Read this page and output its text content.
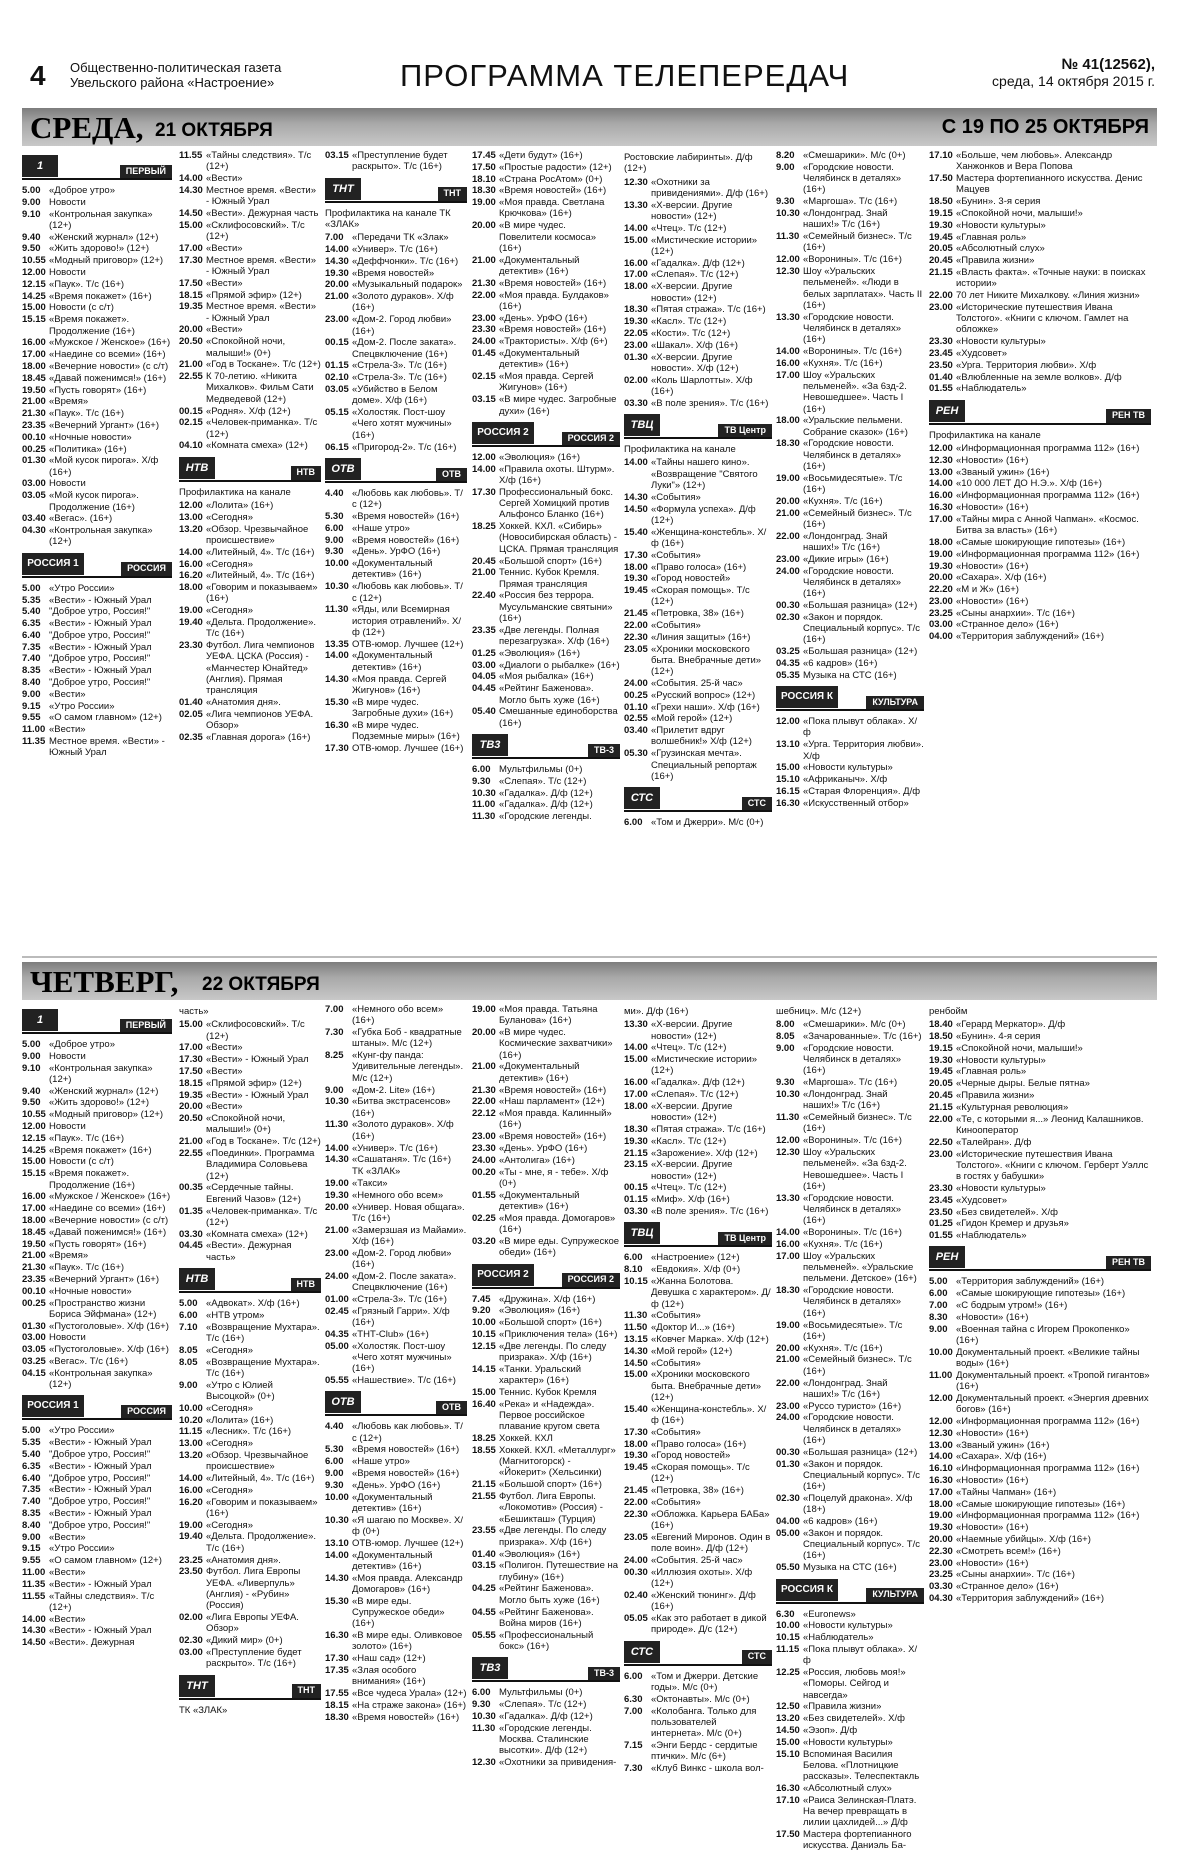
4 Общественно-политическая газета
Увельского района «Настроение»	ПРОГРАММА ТЕЛЕПЕРЕДАЧ	№ 41(12562),
среда, 14 октября 2015 г.
СРЕДА, 21 ОКТЯБРЯ	С 19 ПО 25 ОКТЯБРЯ
1	ПЕРВЫЙ
5.00 «Доброе утро»
9.00 Новости
9.10 «Контрольная закупка» (12+)
9.40 «Женский журнал» (12+)
9.50 «Жить здорово!» (12+)
10.55 «Модный приговор» (12+)
12.00 Новости
12.15 «Паук». Т/с (16+)
14.25 «Время покажет» (16+)
15.00 Новости (с с/т)
15.15 «Время покажет». Продолжение (16+)
16.00 «Мужское / Женское» (16+)
17.00 «Наедине со всеми» (16+)
18.00 «Вечерние новости» (с с/т)
18.45 «Давай поженимся!» (16+)
19.50 «Пусть говорят» (16+)
21.00 «Время»
21.30 «Паук». Т/с (16+)
23.35 «Вечерний Ургант» (16+)
00.10 «Ночные новости»
00.25 «Политика» (16+)
01.30 «Мой кусок пирога». Х/ф (16+)
03.00 Новости
03.05 «Мой кусок пирога». Продолжение (16+)
03.40 «Вегас». (16+)
04.30 «Контрольная закупка» (12+)
РОССИЯ 1	РОССИЯ
5.00 «Утро России»
5.35 «Вести» - Южный Урал
5.40 "Доброе утро, Россия!"
6.35 «Вести» - Южный Урал
6.40 "Доброе утро, Россия!"
7.35 «Вести» - Южный Урал
7.40 "Доброе утро, Россия!"
8.35 «Вести» - Южный Урал
8.40 "Доброе утро, Россия!"
9.00 «Вести»
9.15 «Утро России»
9.55 «О самом главном» (12+)
11.00 «Вести»
11.35 Местное время. «Вести» - Южный Урал
11.55 «Тайны следствия». Т/с (12+)
14.00 «Вести»
14.30 Местное время. «Вести» - Южный Урал
14.50 «Вести». Дежурная часть
15.00 «Склифосовский». Т/с (12+)
17.00 «Вести»
17.30 Местное время. «Вести» - Южный Урал
17.50 «Вести»
18.15 «Прямой эфир» (12+)
19.35 Местное время. «Вести» - Южный Урал
20.00 «Вести»
20.50 «Спокойной ночи, малыши!» (0+)
21.00 «Год в Тоскане». Т/с (12+)
22.55 К 70-летию. «Никита Михалков». Фильм Сати Медведевой (12+)
00.15 «Родня». Х/ф (12+)
02.15 «Человек-приманка». Т/с (12+)
04.10 «Комната смеха» (12+)
НТВ	НТВ
Профилактика на канале
12.00 «Лолита» (16+)
13.00 «Сегодня»
13.20 «Обзор. Чрезвычайное происшествие»
14.00 «Литейный, 4». Т/с (16+)
16.00 «Сегодня»
16.20 «Литейный, 4». Т/с (16+)
18.00 «Говорим и показываем» (16+)
19.00 «Сегодня»
19.40 «Дельта. Продолжение». Т/с (16+)
23.30 Футбол. Лига чемпионов УЕФА. ЦСКА (Россия) - «Манчестер Юнайтед» (Англия). Прямая трансляция
01.40 «Анатомия дня».
02.05 «Лига чемпионов УЕФА. Обзор»
02.35 «Главная дорога» (16+)
03.15 «Преступление будет раскрыто». Т/с (16+)
ТНТ	ТНТ
Профилактика на канале ТК «ЗЛАК»
7.00 «Передачи ТК «Злак»
14.00 «Универ». Т/с (16+)
14.30 «Деффчонки». Т/с (16+)
19.30 «Время новостей»
20.00 «Музыкальный подарок»
21.00 «Золото дураков». Х/ф (16+)
23.00 «Дом-2. Город любви» (16+)
00.15 «Дом-2. После заката». Спецвключение (16+)
01.15 «Стрела-3». Т/с (16+)
02.10 «Стрела-3». Т/с (16+)
03.05 «Убийство в Белом доме». Х/ф (16+)
05.15 «Холостяк. Пост-шоу «Чего хотят мужчины» (16+)
06.15 «Пригород-2». Т/с (16+)
ОТВ	ОТВ
4.40 «Любовь как любовь». Т/с (12+)
5.30 «Время новостей» (16+)
6.00 «Наше утро»
9.00 «Время новостей» (16+)
9.30 «День». УрФО (16+)
10.00 «Документальный детектив» (16+)
10.30 «Любовь как любовь». Т/с (12+)
11.30 «Яды, или Всемирная история отравлений». Х/ф (12+)
13.35 ОТВ-юмор. Лучшее (12+)
14.00 «Документальный детектив» (16+)
14.30 «Моя правда. Сергей Жигунов» (16+)
15.30 «В мире чудес. Загробные духи» (16+)
16.30 «В мире чудес. Подземные миры» (16+)
17.30 ОТВ-юмор. Лучшее (16+)
17.45 «Дети будут» (16+)
17.50 «Простые радости» (12+)
18.10 «Страна РосАтом» (0+)
18.30 «Время новостей» (16+)
19.00 «Моя правда. Светлана Крючкова» (16+)
20.00 «В мире чудес. Повелители космоса» (16+)
21.00 «Документальный детектив» (16+)
21.30 «Время новостей» (16+)
22.00 «Моя правда. Булдаков» (16+)
23.00 «День». УрФО (16+)
23.30 «Время новостей» (16+)
24.00 «Трактористы». Х/ф (6+)
01.45 «Документальный детектив» (16+)
02.15 «Моя правда. Сергей Жигунов» (16+)
03.15 «В мире чудес. Загробные духи» (16+)
РОССИЯ 2	РОССИЯ 2
12.00 «Эволюция» (16+)
14.00 «Правила охоты. Штурм». Х/ф (16+)
17.30 Профессиональный бокс. Сергей Хомицкий против Альфонсо Бланко (16+)
18.25 Хоккей. КХЛ. «Сибирь» (Новосибирская область) - ЦСКА. Прямая трансляция
20.45 «Большой спорт» (16+)
21.00 Теннис. Кубок Кремля. Прямая трансляция
22.40 «Россия без террора. Мусульманские святыни» (16+)
23.35 «Две легенды. Полная перезагрузка». Х/ф (16+)
01.25 «Эволюция» (16+)
03.00 «Диалоги о рыбалке» (16+)
04.05 «Моя рыбалка» (16+)
04.45 «Рейтинг Баженова». Могло быть хуже (16+)
05.40 Смешанные единоборства (16+)
ТВ3	ТВ-3
6.00 Мультфильмы (0+)
9.30 «Слепая». Т/с (12+)
10.30 «Гадалка». Д/ф (12+)
11.00 «Гадалка». Д/ф (12+)
11.30 «Городские легенды.
Ростовские лабиринты». Д/ф (12+)
12.30 «Охотники за привидениями». Д/ф (16+)
13.30 «Х-версии. Другие новости» (12+)
14.00 «Чтец». Т/с (12+)
15.00 «Мистические истории» (12+)
16.00 «Гадалка». Д/ф (12+)
17.00 «Слепая». Т/с (12+)
18.00 «Х-версии. Другие новости» (12+)
18.30 «Пятая стража». Т/с (16+)
19.30 «Касл». Т/с (12+)
22.05 «Кости». Т/с (12+)
23.00 «Шакал». Х/ф (16+)
01.30 «Х-версии. Другие новости». Х/ф (12+)
02.00 «Коль Шарлотты». Х/ф (16+)
03.30 «В поле зрения». Т/с (16+)
ТВЦ	ТВ Центр
Профилактика на канале
14.00 «Тайны нашего кино». «Возвращение "Святого Луки"» (12+)
14.30 «События»
14.50 «Формула успеха». Д/ф (12+)
15.40 «Женщина-констебль». Х/ф (16+)
17.30 «События»
18.00 «Право голоса» (16+)
19.30 «Город новостей»
19.45 «Скорая помощь». Т/с (12+)
21.45 «Петровка, 38» (16+)
22.00 «События»
22.30 «Линия защиты» (16+)
23.05 «Хроники московского быта. Внебрачные дети» (12+)
24.00 «События. 25-й час»
00.25 «Русский вопрос» (12+)
01.10 «Грехи наши». Х/ф (16+)
02.55 «Мой герой» (12+)
03.40 «Прилетит вдруг волшебник!» Х/ф (12+)
05.30 «Грузинская мечта». Специальный репортаж (16+)
СТС	СТС
6.00 «Том и Джерри». М/с (0+)
8.20 «Смешарики». М/с (0+)
9.00 «Городские новости. Челябинск в деталях» (16+)
9.30 «Маргоша». Т/с (16+)
10.30 «Лондонград. Знай наших!» Т/с (16+)
11.30 «Семейный бизнес». Т/с (16+)
12.00 «Воронины». Т/с (16+)
12.30 Шоу «Уральских пельменей». «Люди в белых зарплатах». Часть II (16+)
13.30 «Городские новости. Челябинск в деталях» (16+)
14.00 «Воронины». Т/с (16+)
16.00 «Кухня». Т/с (16+)
17.00 Шоу «Уральских пельменей». «За 6зд-2. Невошедшее». Часть I (16+)
18.00 «Уральские пельмени. Собрание сказок» (16+)
18.30 «Городские новости. Челябинск в деталях» (16+)
19.00 «Восьмидесятые». Т/с (16+)
20.00 «Кухня». Т/с (16+)
21.00 «Семейный бизнес». Т/с (16+)
22.00 «Лондонград. Знай наших!» Т/с (16+)
23.00 «Дикие игры» (16+)
24.00 «Городские новости. Челябинск в деталях» (16+)
00.30 «Большая разница» (12+)
02.30 «Закон и порядок. Специальный корпус». Т/с (16+)
03.25 «Большая разница» (12+)
04.35 «6 кадров» (16+)
05.35 Музыка на СТС (16+)
РОССИЯ К	КУЛЬТУРА
12.00 «Пока плывут облака». Х/ф
13.10 «Урга. Территория любви». Х/ф
15.00 «Новости культуры»
15.10 «Африканыч». Х/ф
16.15 «Старая Флоренция». Д/ф
16.30 «Искусственный отбор»
17.10 «Больше, чем любовь». Александр Ханжонков и Вера Попова
17.50 Мастера фортепианного искусства. Денис Мацуев
18.50 «Бунин». 3-я серия
19.15 «Спокойной ночи, малыши!»
19.30 «Новости культуры»
19.45 «Главная роль»
20.05 «Абсолютный слух»
20.45 «Правила жизни»
21.15 «Власть факта». «Точные науки: в поисках истории»
22.00 70 лет Никите Михалкову. «Линия жизни»
23.00 «Исторические путешествия Ивана Толстого». «Книги с ключом. Гамлет на обложке»
23.30 «Новости культуры»
23.45 «Худсовет»
23.50 «Урга. Территория любви». Х/ф
01.40 «Влюбленные на земле волков». Д/ф
01.55 «Наблюдатель»
РЕН	РЕН ТВ
Профилактика на канале
12.00 «Информационная программа 112» (16+)
12.30 «Новости» (16+)
13.00 «Званый ужин» (16+)
14.00 «10 000 ЛЕТ ДО Н.Э.». Х/ф (16+)
16.00 «Информационная программа 112» (16+)
16.30 «Новости» (16+)
17.00 «Тайны мира с Анной Чапман». «Космос. Битва за власть» (16+)
18.00 «Самые шокирующие гипотезы» (16+)
19.00 «Информационная программа 112» (16+)
19.30 «Новости» (16+)
20.00 «Сахара». Х/ф (16+)
22.20 «М и Ж» (16+)
23.00 «Новости» (16+)
23.25 «Сыны анархии». Т/с (16+)
03.00 «Странное дело» (16+)
04.00 «Территория заблуждений» (16+)
ЧЕТВЕРГ, 22 ОКТЯБРЯ
1	ПЕРВЫЙ
5.00 «Доброе утро»
9.00 Новости
9.10 «Контрольная закупка» (12+)
9.40 «Женский журнал» (12+)
9.50 «Жить здорово!» (12+)
10.55 «Модный приговор» (12+)
12.00 Новости
12.15 «Паук». Т/с (16+)
14.25 «Время покажет» (16+)
15.00 Новости (с с/т)
15.15 «Время покажет». Продолжение (16+)
16.00 «Мужское / Женское» (16+)
17.00 «Наедине со всеми» (16+)
18.00 «Вечерние новости» (с с/т)
18.45 «Давай поженимся!» (16+)
19.50 «Пусть говорят» (16+)
21.00 «Время»
21.30 «Паук». Т/с (16+)
23.35 «Вечерний Ургант» (16+)
00.10 «Ночные новости»
00.25 «Пространство жизни Бориса Эйфмана» (12+)
01.30 «Пустоголовые». Х/ф (16+)
03.00 Новости
03.05 «Пустоголовые». Х/ф (16+)
03.25 «Вегас». Т/с (16+)
04.15 «Контрольная закупка» (12+)
РОССИЯ 1	РОССИЯ
5.00 «Утро России»
5.35 «Вести» - Южный Урал
5.40 "Доброе утро, Россия!"
6.35 «Вести» - Южный Урал
6.40 "Доброе утро, Россия!"
7.35 «Вести» - Южный Урал
7.40 "Доброе утро, Россия!"
8.35 «Вести» - Южный Урал
8.40 "Доброе утро, Россия!"
9.00 «Вести»
9.15 «Утро России»
9.55 «О самом главном» (12+)
11.00 «Вести»
11.35 «Вести» - Южный Урал
11.55 «Тайны следствия». Т/с (12+)
14.00 «Вести»
14.30 «Вести» - Южный Урал
14.50 «Вести». Дежурная
часть»
15.00 «Склифосовский». Т/с (12+)
17.00 «Вести»
17.30 «Вести» - Южный Урал
17.50 «Вести»
18.15 «Прямой эфир» (12+)
19.35 «Вести» - Южный Урал
20.00 «Вести»
20.50 «Спокойной ночи, малыши!» (0+)
21.00 «Год в Тоскане». Т/с (12+)
22.55 «Поединки». Программа Владимира Соловьева (12+)
00.35 «Сердечные тайны. Евгений Чазов» (12+)
01.35 «Человек-приманка». Т/с (12+)
03.30 «Комната смеха» (12+)
04.45 «Вести». Дежурная часть»
НТВ	НТВ
5.00 «Адвокат». Х/ф (16+)
6.00 «НТВ утром»
7.10 «Возвращение Мухтара». Т/с (16+)
8.05 «Сегодня»
8.05 «Возвращение Мухтара». Т/с (16+)
9.00 «Утро с Юлией Высоцкой» (0+)
10.00 «Сегодня»
10.20 «Лолита» (16+)
11.15 «Лесник». Т/с (16+)
13.00 «Сегодня»
13.20 «Обзор. Чрезвычайное происшествие»
14.00 «Литейный, 4». Т/с (16+)
16.00 «Сегодня»
16.20 «Говорим и показываем» (16+)
19.00 «Сегодня»
19.40 «Дельта. Продолжение». Т/с (16+)
23.25 «Анатомия дня».
23.50 Футбол. Лига Европы УЕФА. «Ливерпуль» (Англия) - «Рубин» (Россия)
02.00 «Лига Европы УЕФА. Обзор»
02.30 «Дикий мир» (0+)
03.00 «Преступление будет раскрыто». Т/с (16+)
ТНТ	ТНТ
ТК «ЗЛАК»
7.00 «Немного обо всем» (16+)
7.30 «Губка Боб - квадратные штаны». М/с (12+)
8.25 «Кунг-фу панда: Удивительные легенды». М/с (12+)
9.00 «Дом-2. Lite» (16+)
10.30 «Битва экстрасенсов» (16+)
11.30 «Золото дураков». Х/ф (16+)
14.00 «Универ». Т/с (16+)
14.30 «Сашатаня». Т/с (16+)
ТК «ЗЛАК»
19.00 «Такси»
19.30 «Немного обо всем»
20.00 «Универ. Новая общага». Т/с (16+)
21.00 «Замерзшая из Майами». Х/ф (16+)
23.00 «Дом-2. Город любви» (16+)
24.00 «Дом-2. После заката». Спецвключение (16+)
01.00 «Стрела-3». Т/с (16+)
02.45 «Грязный Гарри». Х/ф (16+)
04.35 «ТНТ-Club» (16+)
05.00 «Холостяк. Пост-шоу «Чего хотят мужчины» (16+)
05.55 «Нашествие». Т/с (16+)
ОТВ	ОТВ
4.40 «Любовь как любовь». Т/с (12+)
5.30 «Время новостей» (16+)
6.00 «Наше утро»
9.00 «Время новостей» (16+)
9.30 «День». УрФО (16+)
10.00 «Документальный детектив» (16+)
10.30 «Я шагаю по Москве». Х/ф (0+)
13.10 ОТВ-юмор. Лучшее (12+)
14.00 «Документальный детектив» (16+)
14.30 «Моя правда. Александр Домогаров» (16+)
15.30 «В мире еды. Супружеское обеди» (16+)
16.30 «В мире еды. Оливковое золото» (16+)
17.30 «Наш сад» (12+)
17.35 «Злая особого внимания» (16+)
17.55 «Все чудеса Урала» (12+)
18.15 «На страже закона» (16+)
18.30 «Время новостей» (16+)
19.00 «Моя правда. Татьяна Буланова» (16+)
20.00 «В мире чудес. Космические захватчики» (16+)
21.00 «Документальный детектив» (16+)
21.30 «Время новостей» (16+)
22.00 «Наш парламент» (12+)
22.12 «Моя правда. Калинный» (16+)
23.00 «Время новостей» (16+)
23.30 «День». УрФО (16+)
24.00 «Антолига» (16+)
00.20 «Ты - мне, я - тебе». Х/ф (0+)
01.55 «Документальный детектив» (16+)
02.25 «Моя правда. Домогаров» (16+)
03.20 «В мире еды. Супружеское обеди» (16+)
РОССИЯ 2	РОССИЯ 2
7.45 «Дружина». Х/ф (16+)
9.20 «Эволюция» (16+)
10.00 «Большой спорт» (16+)
10.15 «Приключения тела» (16+)
12.15 «Две легенды. По следу призрака». Х/ф (16+)
14.15 «Танки. Уральский характер» (16+)
15.00 Теннис. Кубок Кремля
16.40 «Река» и «Надежда». Первое российское плавание кругом света
18.25 Хоккей. КХЛ
18.55 Хоккей. КХЛ. «Металлург» (Магнитогорск) - «Йокерит» (Хельсинки)
21.15 «Большой спорт» (16+)
21.55 Футбол. Лига Европы. «Локомотив» (Россия) - «Бешикташ» (Турция)
23.55 «Две легенды. По следу призрака». Х/ф (16+)
01.40 «Эволюция» (16+)
03.15 «Полигон. Путешествие на глубину» (16+)
04.25 «Рейтинг Баженова». Могло быть хуже (16+)
04.55 «Рейтинг Баженова». Война миров (16+)
05.55 «Профессиональный бокс» (16+)
ТВ3	ТВ-3
6.00 Мультфильмы (0+)
9.30 «Слепая». Т/с (12+)
10.30 «Гадалка». Д/ф (12+)
11.30 «Городские легенды. Москва. Сталинские высотки». Д/ф (12+)
12.30 «Охотники за привидения-
ми». Д/ф (16+)
13.30 «Х-версии. Другие новости» (12+)
14.00 «Чтец». Т/с (12+)
15.00 «Мистические истории» (12+)
16.00 «Гадалка». Д/ф (12+)
17.00 «Слепая». Т/с (12+)
18.00 «Х-версии. Другие новости» (12+)
18.30 «Пятая стража». Т/с (16+)
19.30 «Касл». Т/с (12+)
21.15 «Зарожение». Х/ф (12+)
23.15 «Х-версии. Другие новости» (12+)
00.15 «Чтец». Т/с (12+)
01.15 «Миф». Х/ф (16+)
03.30 «В поле зрения». Т/с (16+)
ТВЦ	ТВ Центр
6.00 «Настроение» (12+)
8.10 «Евдокия». Х/ф (0+)
10.15 «Жанна Болотова. Девушка с характером». Д/ф (12+)
11.30 «События»
11.50 «Доктор И...» (16+)
13.15 «Ковчег Марка». Х/ф (12+)
14.30 «Мой герой» (12+)
14.50 «События»
15.00 «Хроники московского быта. Внебрачные дети» (12+)
15.40 «Женщина-констебль». Х/ф (16+)
17.30 «События»
18.00 «Право голоса» (16+)
19.30 «Город новостей»
19.45 «Скорая помощь». Т/с (12+)
21.45 «Петровка, 38» (16+)
22.00 «События»
22.30 «Обложка. Карьера БАБа» (16+)
23.05 «Евгений Миронов. Один в поле воин». Д/ф (12+)
24.00 «События. 25-й час»
00.30 «Иллюзия охоты». Х/ф (12+)
02.40 «Женский тюнинг». Д/ф (16+)
05.05 «Как это работает в дикой природе». Д/с (12+)
СТС	СТС
6.00 «Том и Джерри. Детские годы». М/с (0+)
6.30 «Октонавты». М/с (0+)
7.00 «Колобанга. Только для пользователей интернета». М/с (0+)
7.15 «Энги Бердс - сердитые птички». М/с (6+)
7.30 «Клуб Винкс - школа вол-
шебниц». М/с (12+)
8.00 «Смешарики». М/с (0+)
8.05 «Зачарованные». Т/с (16+)
9.00 «Городские новости. Челябинск в деталях» (16+)
9.30 «Маргоша». Т/с (16+)
10.30 «Лондонград. Знай наших!» Т/с (16+)
11.30 «Семейный бизнес». Т/с (16+)
12.00 «Воронины». Т/с (16+)
12.30 Шоу «Уральских пельменей». «За 6зд-2. Невошедшее». Часть I (16+)
13.30 «Городские новости. Челябинск в деталях» (16+)
14.00 «Воронины». Т/с (16+)
16.00 «Кухня». Т/с (16+)
17.00 Шоу «Уральских пельменей». «Уральские пельмени. Детское» (16+)
18.30 «Городские новости. Челябинск в деталях» (16+)
19.00 «Восьмидесятые». Т/с (16+)
20.00 «Кухня». Т/с (16+)
21.00 «Семейный бизнес». Т/с (16+)
22.00 «Лондонград. Знай наших!» Т/с (16+)
23.00 «Руссо туристо» (16+)
24.00 «Городские новости. Челябинск в деталях» (16+)
00.30 «Большая разница» (12+)
01.30 «Закон и порядок. Специальный корпус». Т/с (16+)
02.30 «Поцелуй дракона». Х/ф (18+)
04.00 «6 кадров» (16+)
05.00 «Закон и порядок. Специальный корпус». Т/с (16+)
05.50 Музыка на СТС (16+)
РОССИЯ К	КУЛЬТУРА
6.30 «Euronews»
10.00 «Новости культуры»
10.15 «Наблюдатель»
11.15 «Пока плывут облака». Х/ф
12.25 «Россия, любовь моя!» «Поморы. Сейгод и навсегда»
12.50 «Правила жизни»
13.20 «Без свидетелей». Х/ф
14.50 «Эзоп». Д/ф
15.00 «Новости культуры»
15.10 Вспоминая Василия Белова. «Плотницкие рассказы». Телеспектакль
16.30 «Абсолютный слух»
17.10 «Раиса Зелинская-Платэ. На вечер превращать в лилии цахлидей...» Д/ф
17.50 Мастера фортепианного искусства. Даниэль Ба-
ренбойм
18.40 «Герард Меркатор». Д/ф
18.50 «Бунин». 4-я серия
19.15 «Спокойной ночи, малыши!»
19.30 «Новости культуры»
19.45 «Главная роль»
20.05 «Черные дыры. Белые пятна»
20.45 «Правила жизни»
21.15 «Культурная революция»
22.00 «Те, с которыми я...» Леонид Калашников. Кинооператор
22.50 «Талейран». Д/ф
23.00 «Исторические путешествия Ивана Толстого». «Книги с ключом. Герберт Уэллс в гостях у бабушки»
23.30 «Новости культуры»
23.45 «Худсовет»
23.50 «Без свидетелей». Х/ф
01.25 «Гидон Кремер и друзья»
01.55 «Наблюдатель»
РЕН	РЕН ТВ
5.00 «Территория заблуждений» (16+)
6.00 «Самые шокирующие гипотезы» (16+)
7.00 «С бодрым утром!» (16+)
8.30 «Новости» (16+)
9.00 «Военная тайна с Игорем Прокопенко» (16+)
10.00 Документальный проект. «Великие тайны воды» (16+)
11.00 Документальный проект. «Тропой гигантов» (16+)
12.00 Документальный проект. «Энергия древних богов» (16+)
12.00 «Информационная программа 112» (16+)
12.30 «Новости» (16+)
13.00 «Званый ужин» (16+)
14.00 «Сахара». Х/ф (16+)
16.10 «Информационная программа 112» (16+)
16.30 «Новости» (16+)
17.00 «Тайны Чапман» (16+)
18.00 «Самые шокирующие гипотезы» (16+)
19.00 «Информационная программа 112» (16+)
19.30 «Новости» (16+)
20.00 «Наемные убийцы». Х/ф (16+)
22.30 «Смотреть всем!» (16+)
23.00 «Новости» (16+)
23.25 «Сыны анархии». Т/с (16+)
03.30 «Странное дело» (16+)
04.30 «Территория заблуждений» (16+)
